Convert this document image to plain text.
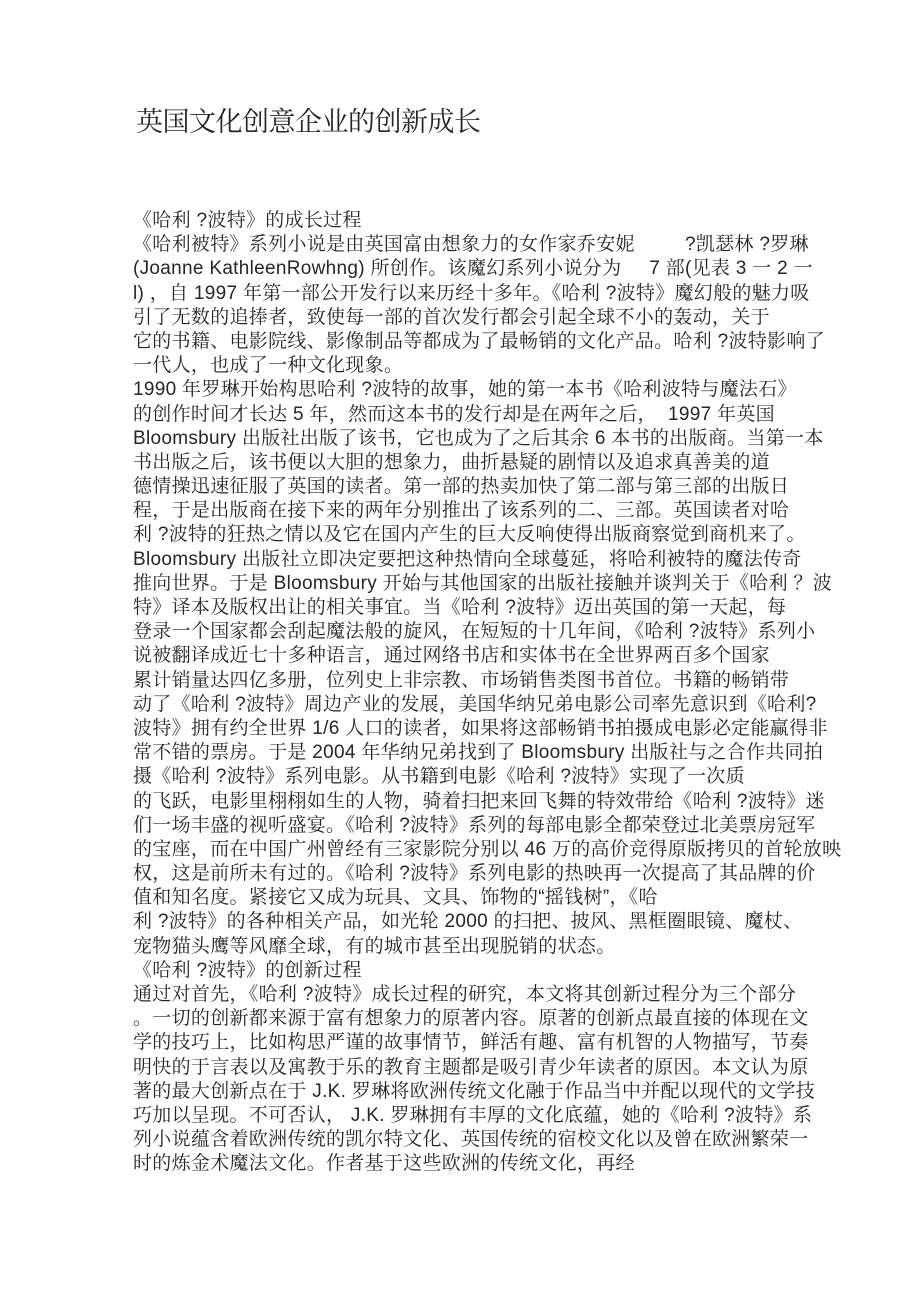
英国文化创意企业的创新成长
《哈利 ?波特》的成长过程
《哈利被特》系列小说是由英国富由想象力的女作家乔安妮         ?凯瑟林 ?罗琳
(Joanne KathleenRowhng) 所创作。该魔幻系列小说分为     7 部(见表 3 一 2 一
l) ，自 1997 年第一部公开发行以来历经十多年。《哈利 ?波特》魔幻般的魅力吸
引了无数的追捧者，致使每一部的首次发行都会引起全球不小的轰动，关于
它的书籍、电影院线、影像制品等都成为了最畅销的文化产品。哈利 ?波特影响了
一代人，也成了一种文化现象。
1990 年罗琳开始构思哈利 ?波特的故事，她的第一本书《哈利波特与魔法石》
的创作时间才长达 5 年，然而这本书的发行却是在两年之后，  1997 年英国
Bloomsbury 出版社出版了该书，它也成为了之后其余 6 本书的出版商。当第一本
书出版之后，该书便以大胆的想象力，曲折悬疑的剧情以及追求真善美的道
德情操迅速征服了英国的读者。第一部的热卖加快了第二部与第三部的出版日
程，于是出版商在接下来的两年分别推出了该系列的二、三部。英国读者对哈
利 ?波特的狂热之情以及它在国内产生的巨大反响使得出版商察觉到商机来了。
Bloomsbury 出版社立即决定要把这种热情向全球蔓延，将哈利被特的魔法传奇
推向世界。于是 Bloomsbury 开始与其他国家的出版社接触并谈判关于《哈利 ？波
特》译本及版权出让的相关事宜。当《哈利 ?波特》迈出英国的第一天起，每
登录一个国家都会刮起魔法般的旋风，在短短的十几年间，《哈利 ?波特》系列小
说被翻译成近七十多种语言，通过网络书店和实体书在全世界两百多个国家
累计销量达四亿多册，位列史上非宗教、市场销售类图书首位。书籍的畅销带
动了《哈利 ?波特》周边产业的发展，美国华纳兄弟电影公司率先意识到《哈利?
波特》拥有约全世界 1/6 人口的读者，如果将这部畅销书拍摄成电影必定能赢得非
常不错的票房。于是 2004 年华纳兄弟找到了 Bloomsbury 出版社与之合作共同拍
摄《哈利 ?波特》系列电影。从书籍到电影《哈利 ?波特》实现了一次质
的飞跃，电影里栩栩如生的人物，骑着扫把来回飞舞的特效带给《哈利 ?波特》迷
们一场丰盛的视听盛宴。《哈利 ?波特》系列的每部电影全都荣登过北美票房冠军
的宝座，而在中国广州曾经有三家影院分别以 46 万的高价竞得原版拷贝的首轮放映
权，这是前所未有过的。《哈利 ?波特》系列电影的热映再一次提高了其品牌的价
值和知名度。紧接它又成为玩具、文具、饰物的“摇钱树”，《哈
利 ?波特》的各种相关产品，如光轮 2000 的扫把、披风、黑框圈眼镜、魔杖、
宠物猫头鹰等风靡全球，有的城市甚至出现脱销的状态。
《哈利 ?波特》的创新过程
通过对首先，《哈利 ?波特》成长过程的研究，本文将其创新过程分为三个部分
。一切的创新都来源于富有想象力的原著内容。原著的创新点最直接的体现在文
学的技巧上，比如构思严谨的故事情节，鲜活有趣、富有机智的人物描写，节奏
明快的于言表以及寓教于乐的教育主题都是吸引青少年读者的原因。本文认为原
著的最大创新点在于 J.K. 罗琳将欧洲传统文化融于作品当中并配以现代的文学技
巧加以呈现。不可否认， J.K. 罗琳拥有丰厚的文化底蕴，她的《哈利 ?波特》系
列小说蕴含着欧洲传统的凯尔特文化、英国传统的宿校文化以及曾在欧洲繁荣一
时的炼金术魔法文化。作者基于这些欧洲的传统文化，再经
